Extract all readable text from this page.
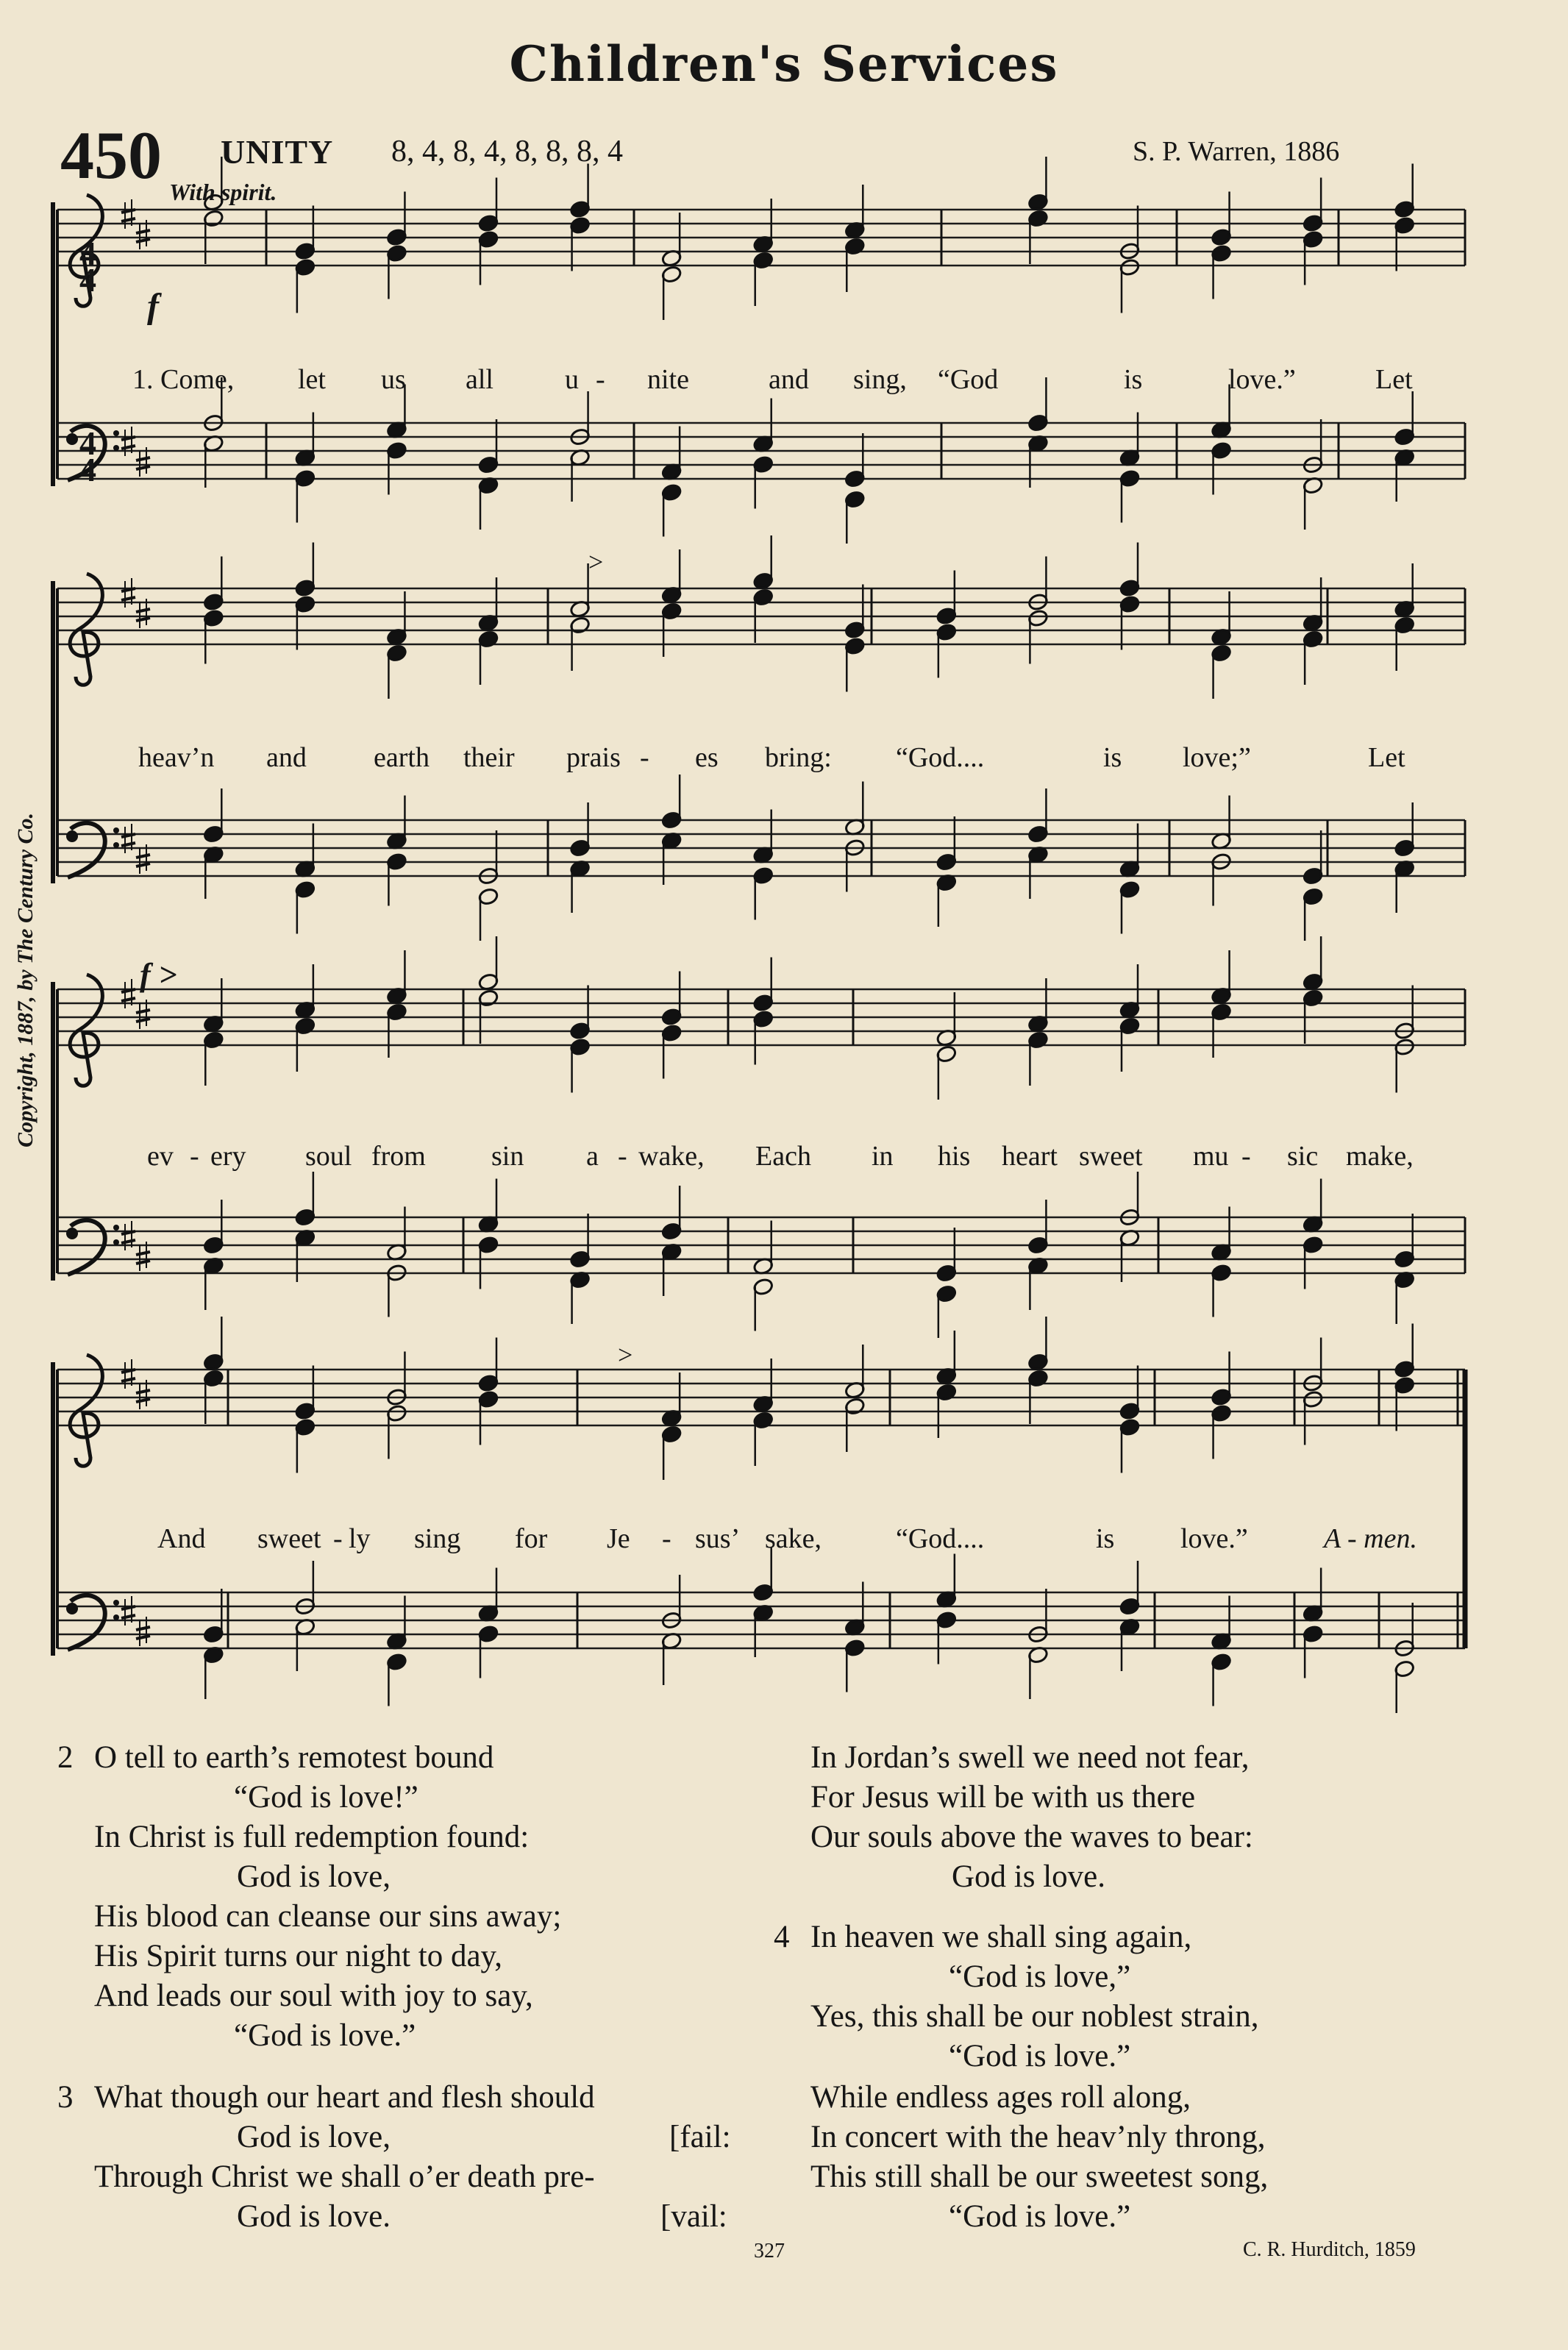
Children's Services
450 UNITY 8, 4, 8, 4, 8, 8, 8, 4	S. P. Warren, 1886
With spirit.
Copyright, 1887, by The Century Co.
f
f >
>
>
4
4
4
4
1. Come, let us all	u - nite	and sing, “God	is	love.”	Let
heav’n and earth their prais - es bring: “God....	is love;”	Let
ev - ery soul from sin a - wake, Each in his heart sweet mu - sic make,
And sweet - ly sing for Je - sus’ sake,	“God....	is love.”	A - men.
2 O tell to earth’s remotest bound
“God is love!”
In Christ is full redemption found:
God is love,
His blood can cleanse our sins away;
His Spirit turns our night to day,
And leads our soul with joy to say,
“God is love.”
3 What though our heart and flesh should
God is love,	[fail:
Through Christ we shall o’er death pre-
God is love.	[vail:
In Jordan’s swell we need not fear,
For Jesus will be with us there
Our souls above the waves to bear:
God is love.
4 In heaven we shall sing again,
“God is love,”
Yes, this shall be our noblest strain,
“God is love.”
While endless ages roll along,
In concert with the heav’nly throng,
This still shall be our sweetest song,
“God is love.”
327	C. R. Hurditch, 1859
